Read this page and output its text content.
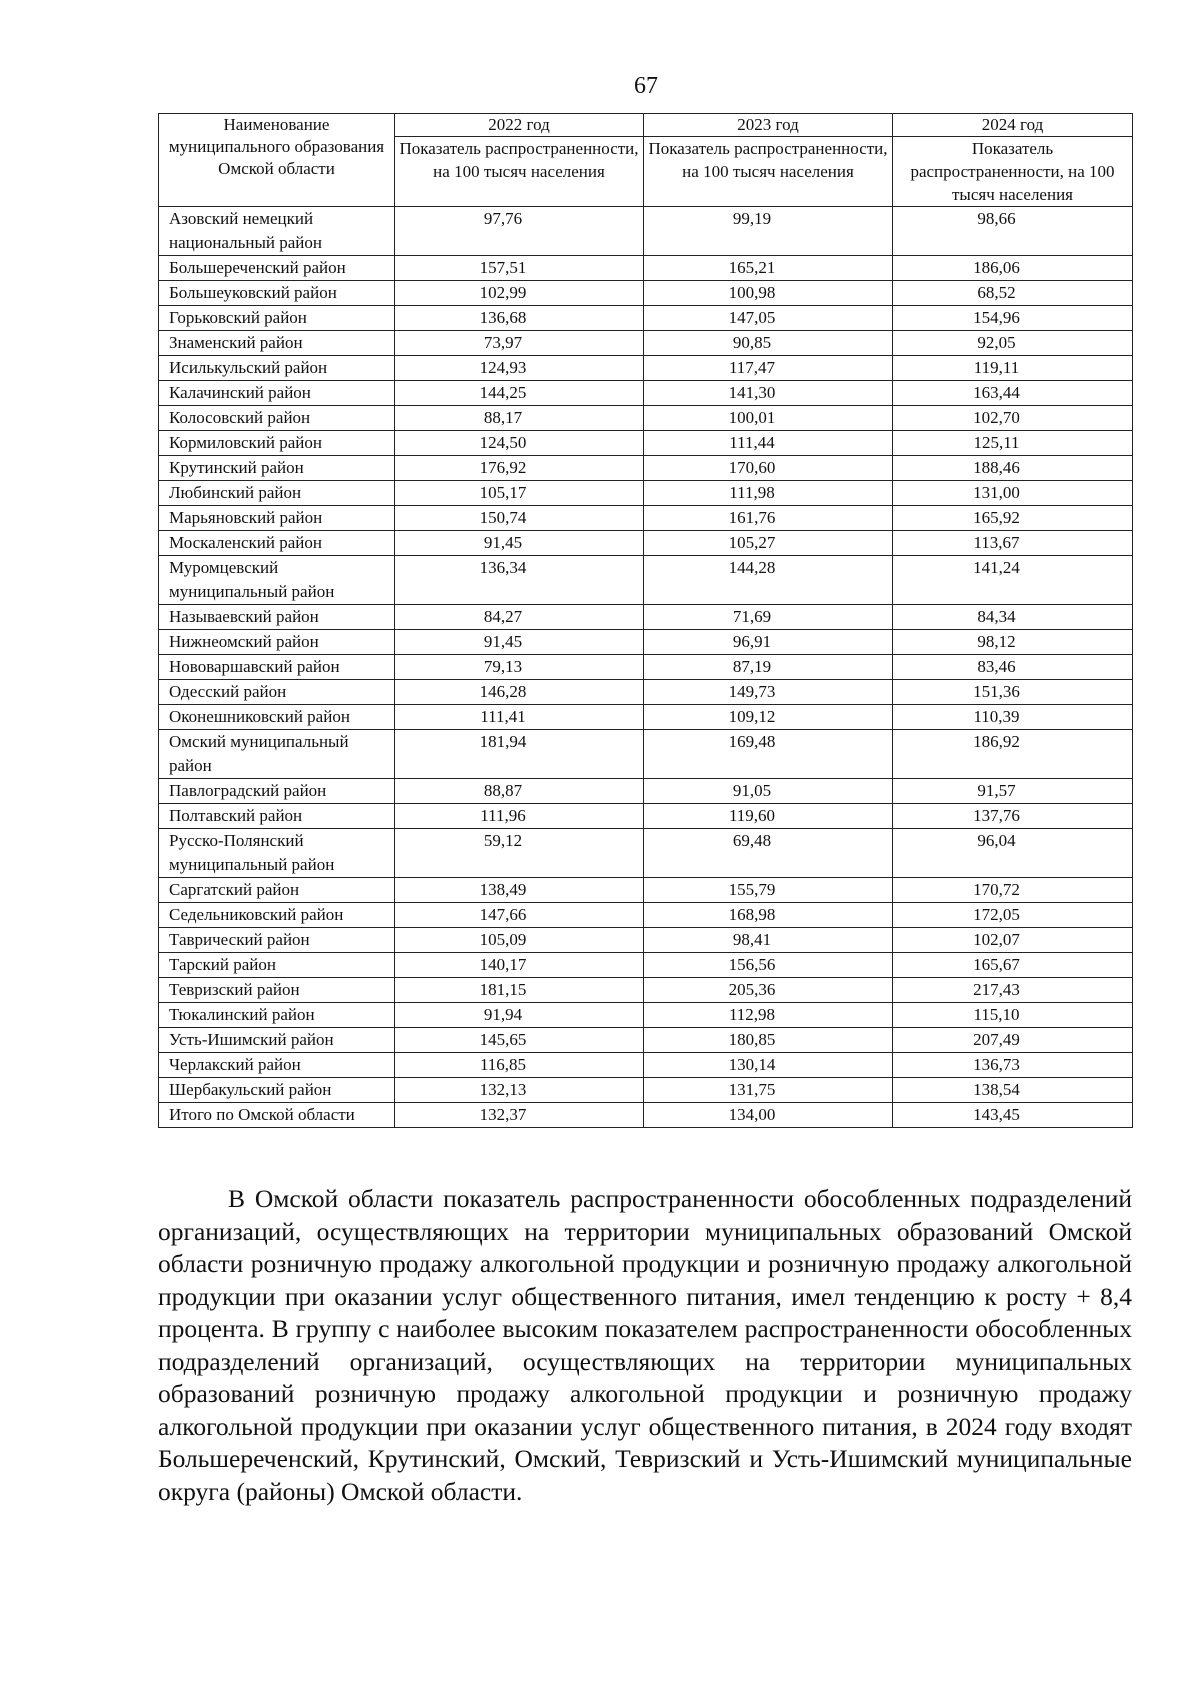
67
Наименование муниципального образования Омской области	2022 год	2023 год	2024 год
	Показатель распространенности, на 100 тысяч населения	Показатель распространенности, на 100 тысяч населения	Показатель распространенности, на 100 тысяч населения
Азовский немецкий национальный район	97,76	99,19	98,66
Большереченский район	157,51	165,21	186,06
Большеуковский район	102,99	100,98	68,52
Горьковский район	136,68	147,05	154,96
Знаменский район	73,97	90,85	92,05
Исилькульский район	124,93	117,47	119,11
Калачинский район	144,25	141,30	163,44
Колосовский район	88,17	100,01	102,70
Кормиловский район	124,50	111,44	125,11
Крутинский район	176,92	170,60	188,46
Любинский район	105,17	111,98	131,00
Марьяновский район	150,74	161,76	165,92
Москаленский район	91,45	105,27	113,67
Муромцевский муниципальный район	136,34	144,28	141,24
Называевский район	84,27	71,69	84,34
Нижнеомский район	91,45	96,91	98,12
Нововаршавский район	79,13	87,19	83,46
Одесский район	146,28	149,73	151,36
Оконешниковский район	111,41	109,12	110,39
Омский муниципальный район	181,94	169,48	186,92
Павлоградский район	88,87	91,05	91,57
Полтавский район	111,96	119,60	137,76
Русско-Полянский муниципальный район	59,12	69,48	96,04
Саргатский район	138,49	155,79	170,72
Седельниковский район	147,66	168,98	172,05
Таврический район	105,09	98,41	102,07
Тарский район	140,17	156,56	165,67
Тевризский район	181,15	205,36	217,43
Тюкалинский район	91,94	112,98	115,10
Усть-Ишимский район	145,65	180,85	207,49
Черлакский район	116,85	130,14	136,73
Шербакульский район	132,13	131,75	138,54
Итого по Омской области	132,37	134,00	143,45
В Омской области показатель распространенности обособленных подразделений организаций, осуществляющих на территории муниципальных образований Омской области розничную продажу алкогольной продукции и розничную продажу алкогольной продукции при оказании услуг общественного питания, имел тенденцию к росту + 8,4 процента. В группу с наиболее высоким показателем распространенности обособленных подразделений организаций, осуществляющих на территории муниципальных образований розничную продажу алкогольной продукции и розничную продажу алкогольной продукции при оказании услуг общественного питания, в 2024 году входят Большереченский, Крутинский, Омский, Тевризский и Усть-Ишимский муниципальные округа (районы) Омской области.
